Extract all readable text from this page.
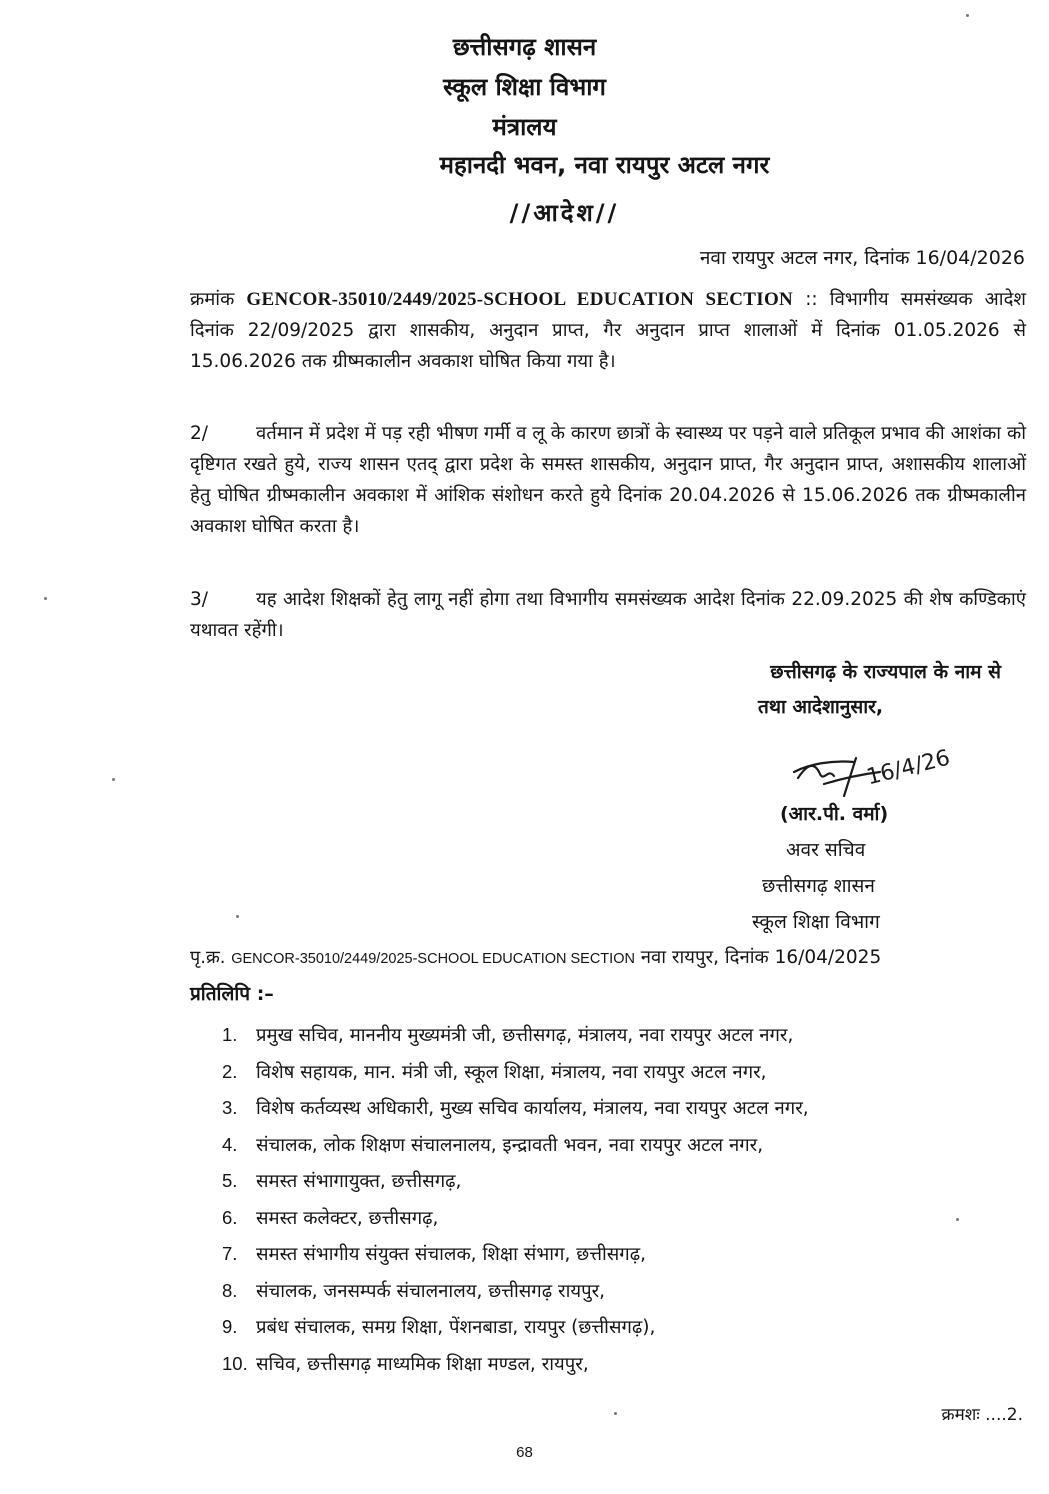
छत्तीसगढ़ शासन
स्कूल शिक्षा विभाग
मंत्रालय
महानदी भवन, नवा रायपुर अटल नगर
//आदेश//
नवा रायपुर अटल नगर, दिनांक 16/04/2026
क्रमांक GENCOR-35010/2449/2025-SCHOOL EDUCATION SECTION :: विभागीय समसंख्यक आदेश दिनांक 22/09/2025 द्वारा शासकीय, अनुदान प्राप्त, गैर अनुदान प्राप्त शालाओं में दिनांक 01.05.2026 से 15.06.2026 तक ग्रीष्मकालीन अवकाश घोषित किया गया है।
2/	वर्तमान में प्रदेश में पड़ रही भीषण गर्मी व लू के कारण छात्रों के स्वास्थ्य पर पड़ने वाले प्रतिकूल प्रभाव की आशंका को दृष्टिगत रखते हुये, राज्य शासन एतद् द्वारा प्रदेश के समस्त शासकीय, अनुदान प्राप्त, गैर अनुदान प्राप्त, अशासकीय शालाओं हेतु घोषित ग्रीष्मकालीन अवकाश में आंशिक संशोधन करते हुये दिनांक 20.04.2026 से 15.06.2026 तक ग्रीष्मकालीन अवकाश घोषित करता है।
3/	यह आदेश शिक्षकों हेतु लागू नहीं होगा तथा विभागीय समसंख्यक आदेश दिनांक 22.09.2025 की शेष कण्डिकाएं यथावत रहेंगी।
छत्तीसगढ़ के राज्यपाल के नाम से
तथा आदेशानुसार,
16/4/26
(आर.पी. वर्मा)
अवर सचिव
छत्तीसगढ़ शासन
स्कूल शिक्षा विभाग
पृ.क्र. GENCOR-35010/2449/2025-SCHOOL EDUCATION SECTION नवा रायपुर, दिनांक 16/04/2025
प्रतिलिपि :–
1. प्रमुख सचिव, माननीय मुख्यमंत्री जी, छत्तीसगढ़, मंत्रालय, नवा रायपुर अटल नगर,
2. विशेष सहायक, मान. मंत्री जी, स्कूल शिक्षा, मंत्रालय, नवा रायपुर अटल नगर,
3. विशेष कर्तव्यस्थ अधिकारी, मुख्य सचिव कार्यालय, मंत्रालय, नवा रायपुर अटल नगर,
4. संचालक, लोक शिक्षण संचालनालय, इन्द्रावती भवन, नवा रायपुर अटल नगर,
5. समस्त संभागायुक्त, छत्तीसगढ़,
6. समस्त कलेक्टर, छत्तीसगढ़,
7. समस्त संभागीय संयुक्त संचालक, शिक्षा संभाग, छत्तीसगढ़,
8. संचालक, जनसम्पर्क संचालनालय, छत्तीसगढ़ रायपुर,
9. प्रबंध संचालक, समग्र शिक्षा, पेंशनबाडा, रायपुर (छत्तीसगढ़),
10. सचिव, छत्तीसगढ़ माध्यमिक शिक्षा मण्डल, रायपुर,
क्रमशः ....2.
68
